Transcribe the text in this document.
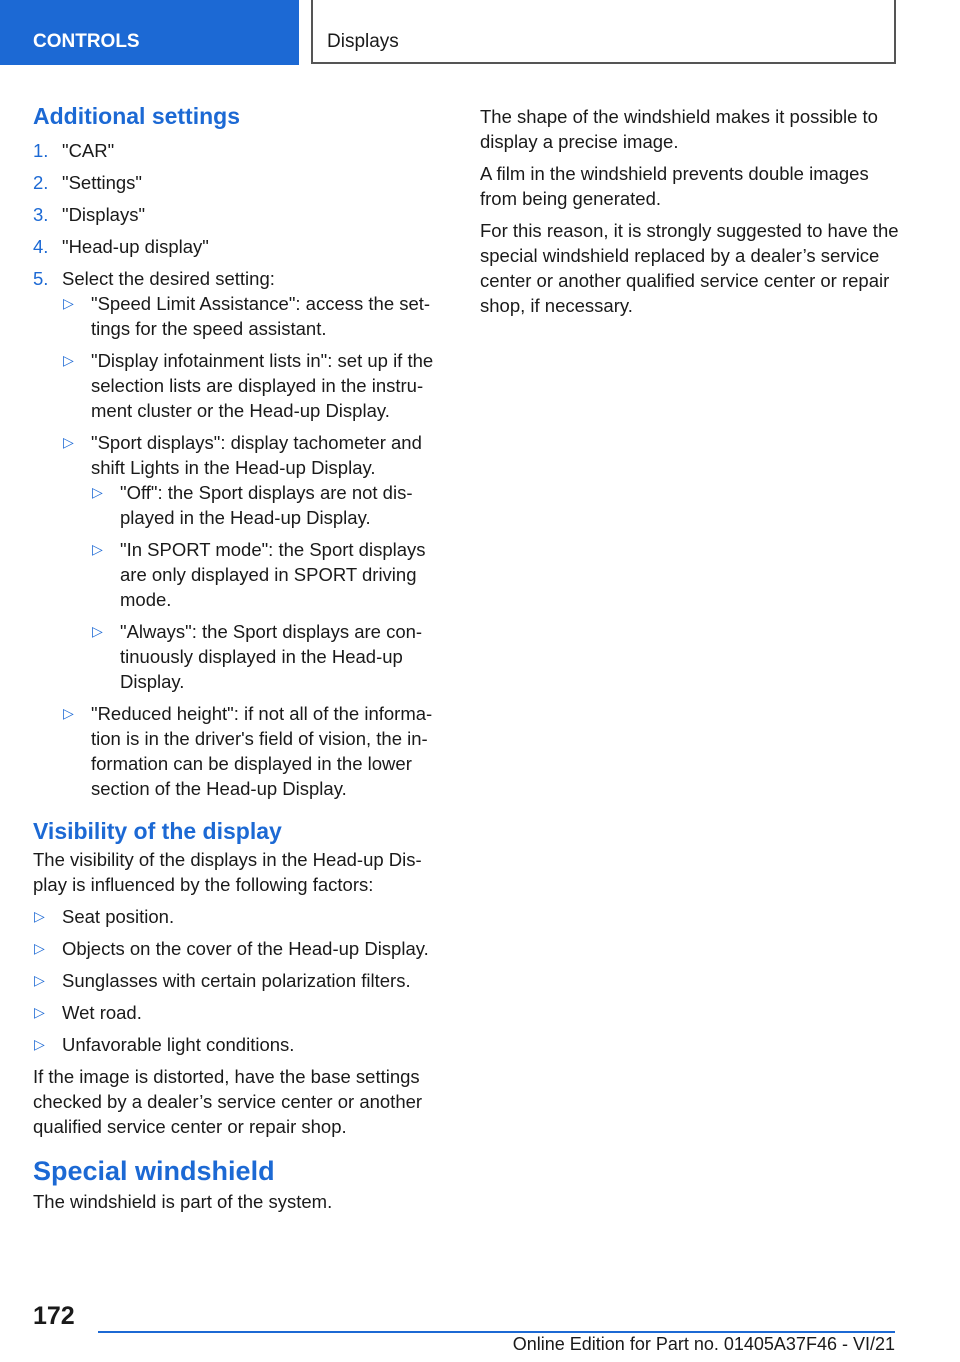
CONTROLS	Displays
Additional settings
1. "CAR"
2. "Settings"
3. "Displays"
4. "Head-up display"
5. Select the desired setting:
▷ "Speed Limit Assistance": access the set-tings for the speed assistant.
▷ "Display infotainment lists in": set up if the selection lists are displayed in the instru-ment cluster or the Head-up Display.
▷ "Sport displays": display tachometer and shift Lights in the Head-up Display.
▷ "Off": the Sport displays are not dis-played in the Head-up Display.
▷ "In SPORT mode": the Sport displays are only displayed in SPORT driving mode.
▷ "Always": the Sport displays are con-tinuously displayed in the Head-up Display.
▷ "Reduced height": if not all of the informa-tion is in the driver's field of vision, the in-formation can be displayed in the lower section of the Head-up Display.
Visibility of the display

The visibility of the displays in the Head-up Dis-play is influenced by the following factors:

▷ Seat position.
▷ Objects on the cover of the Head-up Display.
▷ Sunglasses with certain polarization filters.
▷ Wet road.
▷ Unfavorable light conditions.

If the image is distorted, have the base settings checked by a dealer’s service center or another qualified service center or repair shop.

Special windshield

The windshield is part of the system.

The shape of the windshield makes it possible to display a precise image.

A film in the windshield prevents double images from being generated.

For this reason, it is strongly suggested to have the special windshield replaced by a dealer’s service center or another qualified service center or repair shop, if necessary.

172
Online Edition for Part no. 01405A37F46 - VI/21
